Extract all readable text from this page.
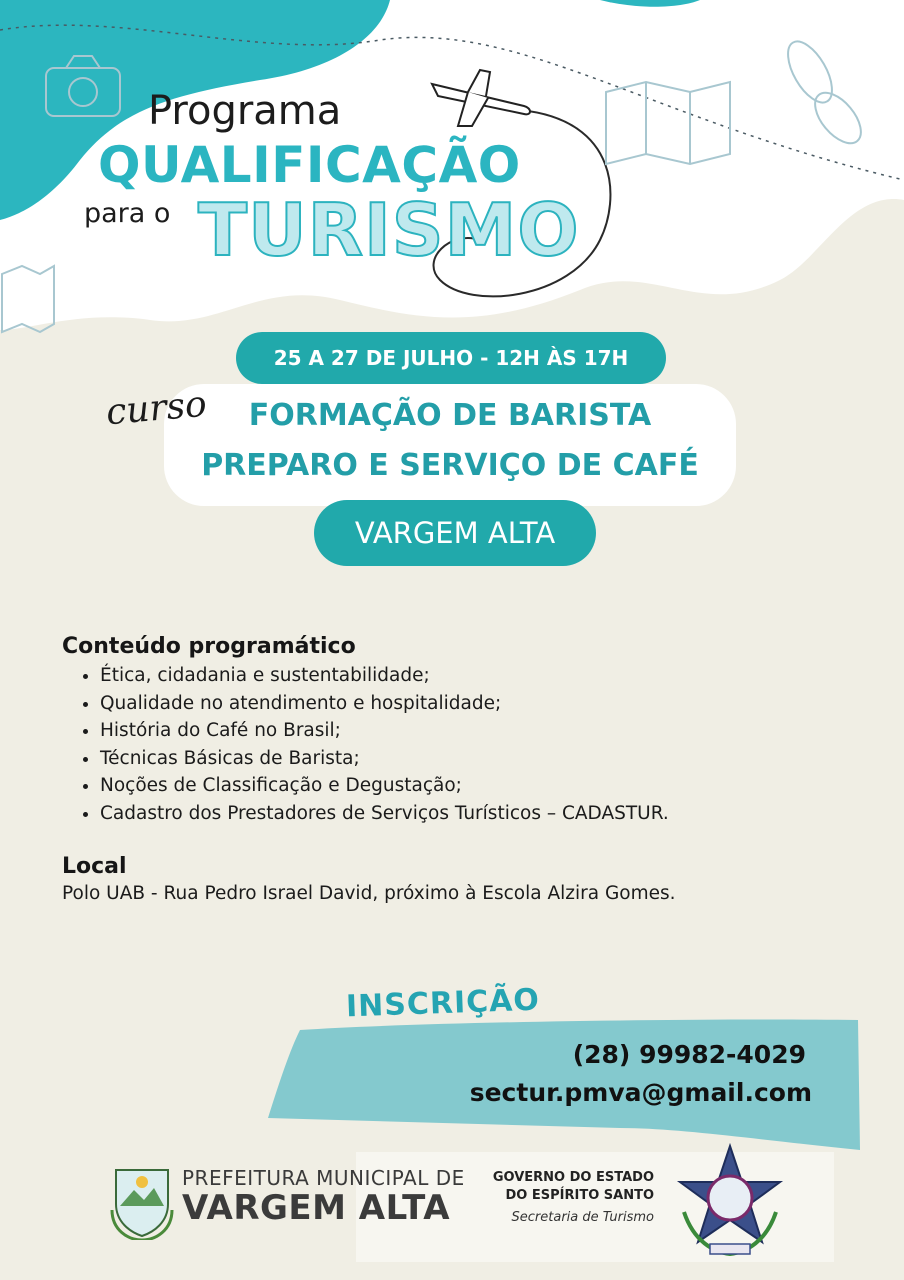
Programa
QUALIFICAÇÃO
para o TURISMO
25 A 27 DE JULHO - 12H ÀS 17H
curso	FORMAÇÃO DE BARISTA
PREPARO E SERVIÇO DE CAFÉ
VARGEM ALTA
Conteúdo programático
• Ética, cidadania e sustentabilidade;
• Qualidade no atendimento e hospitalidade;
• História do Café no Brasil;
• Técnicas Básicas de Barista;
• Noções de Classificação e Degustação;
• Cadastro dos Prestadores de Serviços Turísticos – CADASTUR.
Local
Polo UAB - Rua Pedro Israel David, próximo à Escola Alzira Gomes.
INSCRIÇÃO
(28) 99982-4029
sectur.pmva@gmail.com
PREFEITURA MUNICIPAL DE
VARGEM ALTA
GOVERNO DO ESTADO
DO ESPÍRITO SANTO
Secretaria de Turismo
